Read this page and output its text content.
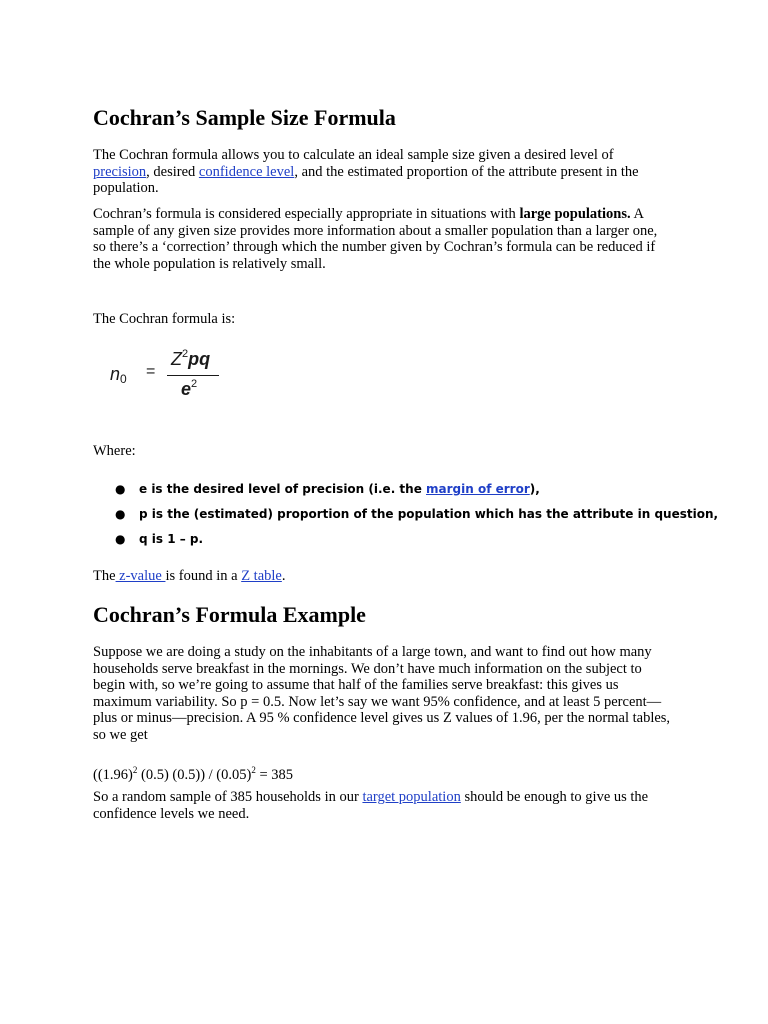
Cochran’s Sample Size Formula

The Cochran formula allows you to calculate an ideal sample size given a desired level of precision, desired confidence level, and the estimated proportion of the attribute present in the population.

Cochran’s formula is considered especially appropriate in situations with large populations. A sample of any given size provides more information about a smaller population than a larger one, so there’s a ‘correction’ through which the number given by Cochran’s formula can be reduced if the whole population is relatively small.

The Cochran formula is:

$n_0$ =
$Z^2pq$
$e^2$

Where:

● e is the desired level of precision (i.e. the margin of error),
● p is the (estimated) proportion of the population which has the attribute in question,
● q is 1 – p.

The z-value is found in a Z table.

Cochran’s Formula Example

Suppose we are doing a study on the inhabitants of a large town, and want to find out how many households serve breakfast in the mornings. We don’t have much information on the subject to begin with, so we’re going to assume that half of the families serve breakfast: this gives us maximum variability. So p = 0.5. Now let’s say we want 95% confidence, and at least 5 percent—plus or minus—precision. A 95 % confidence level gives us Z values of 1.96, per the normal tables, so we get

($(1.96)^2$ (0.5) $(0.5)) / (0.05)^2 = 385$

So a random sample of 385 households in our target population should be enough to give us the confidence levels we need.
